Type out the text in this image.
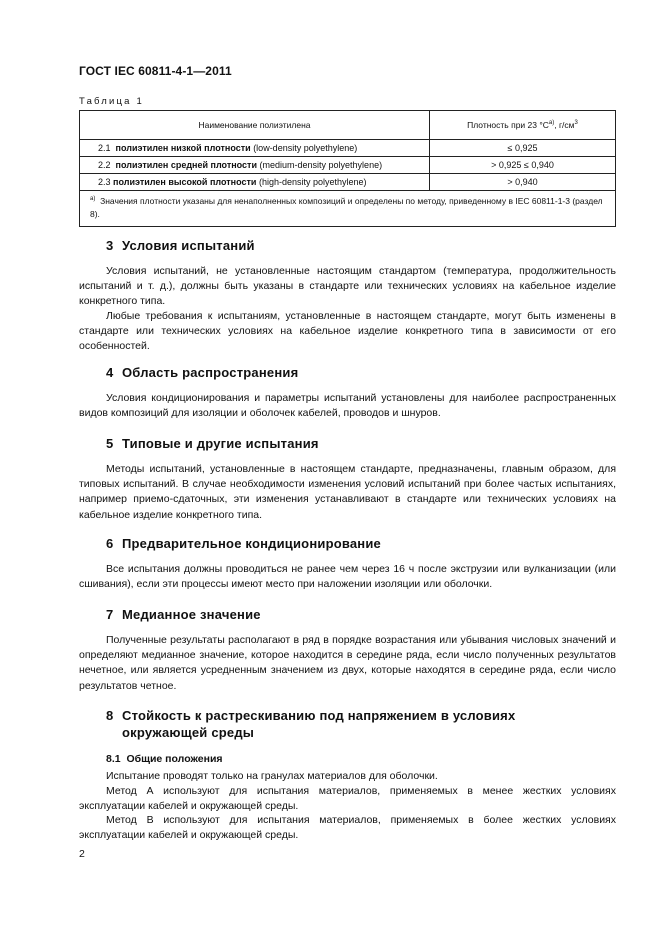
ГОСТ IEC 60811-4-1—2011
Таблица 1
Наименование полиэтилена	Плотность при 23 $^\circ С^{а)}$, $г/см^3$
2.1 полиэтилен низкой плотности (low-density polyethylene)	≤ 0,925
2.2 полиэтилен средней плотности (medium-density polyethylene)	> 0,925 ≤ 0,940
2.3 полиэтилен высокой плотности (high-density polyethylene)	> 0,940
$^{а)}$ Значения плотности указаны для ненаполненных композиций и определены по методу, приведенному в IEC 60811-1-3 (раздел 8).	
3 Условия испытаний
Условия испытаний, не установленные настоящим стандартом (температура, продолжительность испытаний и т. д.), должны быть указаны в стандарте или технических условиях на кабельное изделие конкретного типа.
Любые требования к испытаниям, установленные в настоящем стандарте, могут быть изменены в стандарте или технических условиях на кабельное изделие конкретного типа в зависимости от его особенностей.
4 Область распространения
Условия кондиционирования и параметры испытаний установлены для наиболее распространенных видов композиций для изоляции и оболочек кабелей, проводов и шнуров.
5 Типовые и другие испытания
Методы испытаний, установленные в настоящем стандарте, предназначены, главным образом, для типовых испытаний. В случае необходимости изменения условий испытаний при более частых испытаниях, например приемо-сдаточных, эти изменения устанавливают в стандарте или технических условиях на кабельное изделие конкретного типа.
6 Предварительное кондиционирование
Все испытания должны проводиться не ранее чем через 16 ч после экструзии или вулканизации (или сшивания), если эти процессы имеют место при наложении изоляции или оболочки.
7 Медианное значение
Полученные результаты располагают в ряд в порядке возрастания или убывания числовых значений и определяют медианное значение, которое находится в середине ряда, если число полученных результатов нечетное, или является усредненным значением из двух, которые находятся в середине ряда, если число результатов четное.
8 Стойкость к растрескиванию под напряжением в условиях
окружающей среды
8.1 Общие положения
Испытание проводят только на гранулах материалов для оболочки.
Метод А используют для испытания материалов, применяемых в менее жестких условиях эксплуатации кабелей и окружающей среды.
Метод В используют для испытания материалов, применяемых в более жестких условиях эксплуатации кабелей и окружающей среды.
2
